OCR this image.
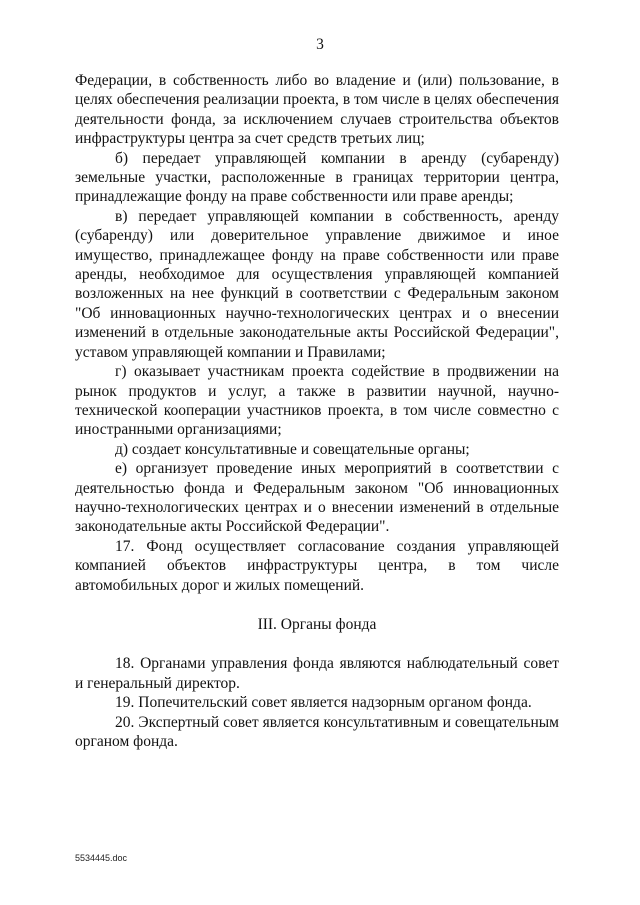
3

Федерации, в собственность либо во владение и (или) пользование, в целях обеспечения реализации проекта, в том числе в целях обеспечения деятельности фонда, за исключением случаев строительства объектов инфраструктуры центра за счет средств третьих лиц;

б) передает управляющей компании в аренду (субаренду) земельные участки, расположенные в границах территории центра, принадлежащие фонду на праве собственности или праве аренды;

в) передает управляющей компании в собственность, аренду (субаренду) или доверительное управление движимое и иное имущество, принадлежащее фонду на праве собственности или праве аренды, необходимое для осуществления управляющей компанией возложенных на нее функций в соответствии с Федеральным законом "Об инновационных научно-технологических центрах и о внесении изменений в отдельные законодательные акты Российской Федерации", уставом управляющей компании и Правилами;

г) оказывает участникам проекта содействие в продвижении на рынок продуктов и услуг, а также в развитии научной, научно-технической кооперации участников проекта, в том числе совместно с иностранными организациями;

д) создает консультативные и совещательные органы;

е) организует проведение иных мероприятий в соответствии с деятельностью фонда и Федеральным законом "Об инновационных научно-технологических центрах и о внесении изменений в отдельные законодательные акты Российской Федерации".

17. Фонд осуществляет согласование создания управляющей компанией объектов инфраструктуры центра, в том числе автомобильных дорог и жилых помещений.

III. Органы фонда

18. Органами управления фонда являются наблюдательный совет и генеральный директор.

19. Попечительский совет является надзорным органом фонда.

20. Экспертный совет является консультативным и совещательным органом фонда.

5534445.doc
